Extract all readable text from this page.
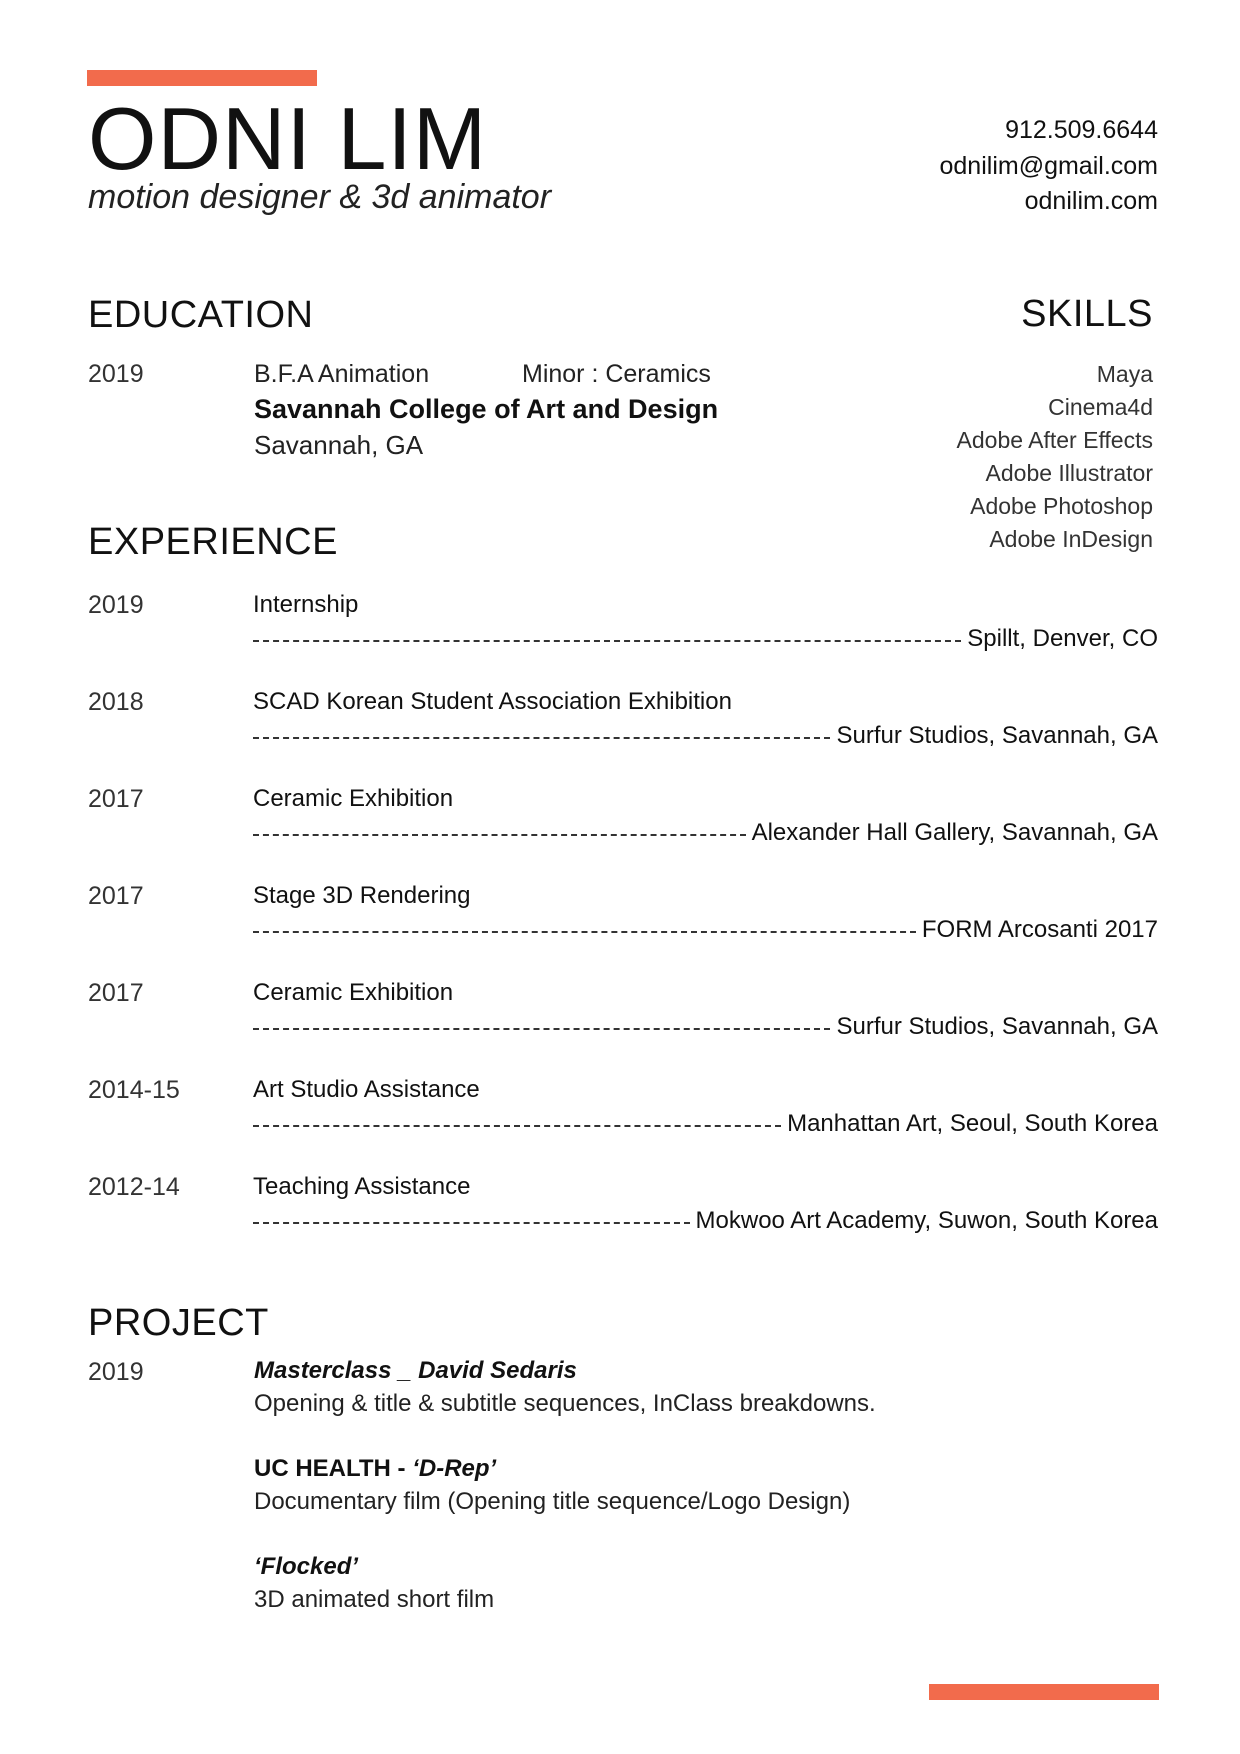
ODNI LIM
motion designer & 3d animator
912.509.6644
odnilim@gmail.com
odnilim.com
EDUCATION
2019	B.F.A Animation	Minor : Ceramics
Savannah College of Art and Design
Savannah, GA
SKILLS
Maya
Cinema4d
Adobe After Effects
Adobe Illustrator
Adobe Photoshop
Adobe InDesign
EXPERIENCE
2019	Internship
Spillt, Denver, CO
2018	SCAD Korean Student Association Exhibition
Surfur Studios, Savannah, GA
2017	Ceramic Exhibition
Alexander Hall Gallery, Savannah, GA
2017	Stage 3D Rendering
FORM Arcosanti 2017
2017	Ceramic Exhibition
Surfur Studios, Savannah, GA
2014-15	Art Studio Assistance
Manhattan Art, Seoul, South Korea
2012-14	Teaching Assistance
Mokwoo Art Academy, Suwon, South Korea
PROJECT
2019	Masterclass _ David Sedaris
Opening & title & subtitle sequences, InClass breakdowns.
UC HEALTH - ‘D-Rep’
Documentary film (Opening title sequence/Logo Design)
‘Flocked’
3D animated short film
